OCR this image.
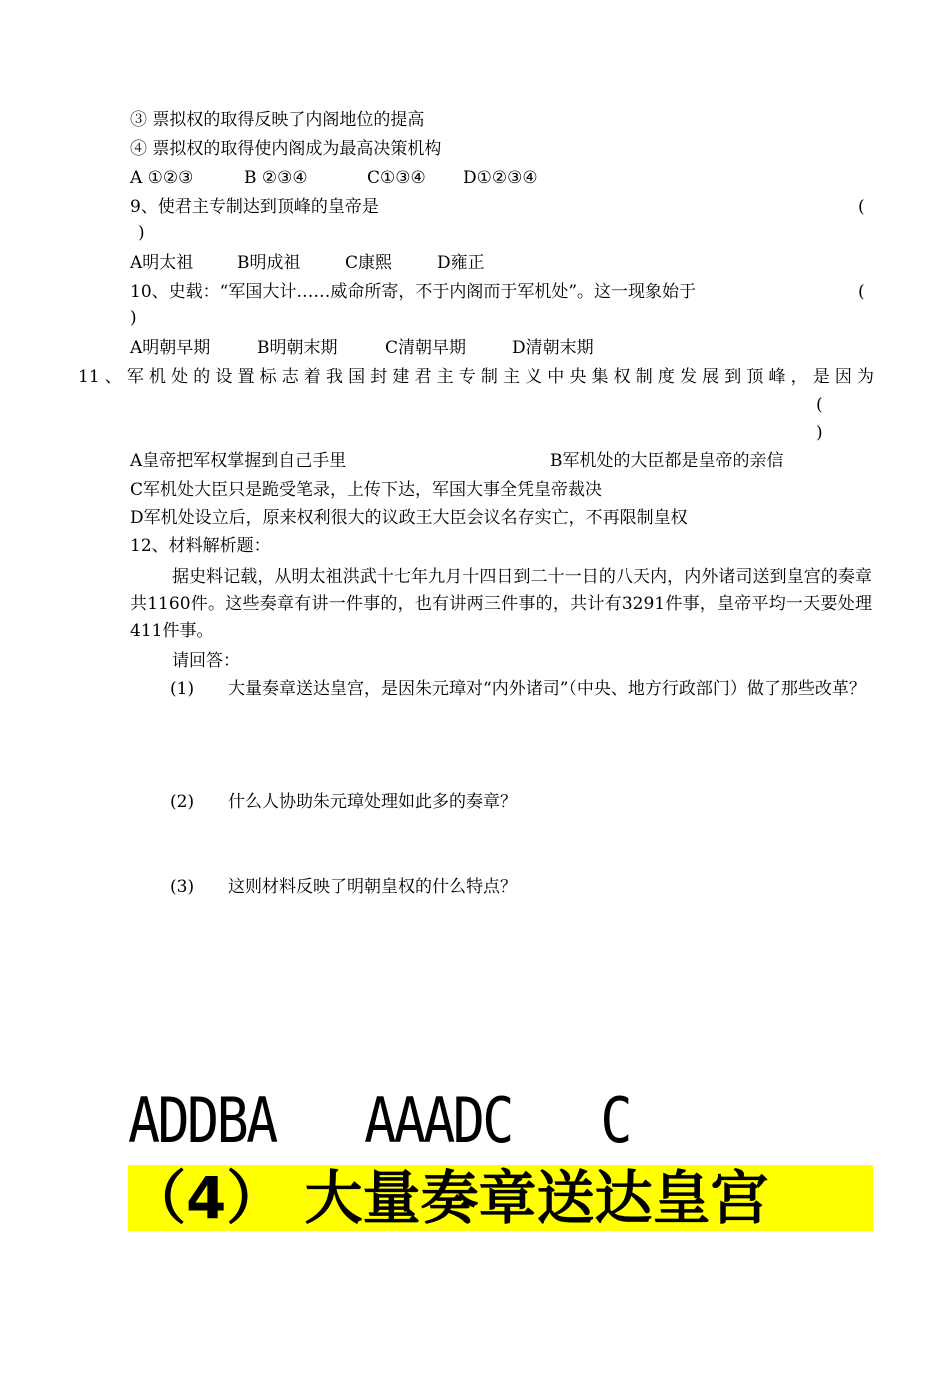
③ 票拟权的取得反映了内阁地位的提高
④ 票拟权的取得使内阁成为最高决策机构
A ①②③	B ②③④	C①③④ D①②③④
9、使君主专制达到顶峰的皇帝是	(
)
A明太祖	B明成祖	C康熙	D雍正
10、史载：“军国大计……威命所寄，不于内阁而于军机处”。这一现象始于	(
)
A明朝早期	B明朝末期	C清朝早期	D清朝末期
11、军机处的设置标志着我国封建君主专制主义中央集权制度发展到顶峰，是因为
(
)
A皇帝把军权掌握到自己手里	B军机处的大臣都是皇帝的亲信
C军机处大臣只是跪受笔录，上传下达，军国大事全凭皇帝裁决
D军机处设立后，原来权利很大的议政王大臣会议名存实亡，不再限制皇权
12、材料解析题：
据史料记载，从明太祖洪武十七年九月十四日到二十一日的八天内，内外诸司送到皇宫的奏章共1160件。这些奏章有讲一件事的，也有讲两三件事的，共计有3291件事，皇帝平均一天要处理411件事。
请回答：
(1) 大量奏章送达皇宫，是因朱元璋对“内外诸司”（中央、地方行政部门）做了那些改革？
(2) 什么人协助朱元璋处理如此多的奏章？
(3) 这则材料反映了明朝皇权的什么特点？
ADDBA   AAADC   C
（4） 大量奏章送达皇宫
